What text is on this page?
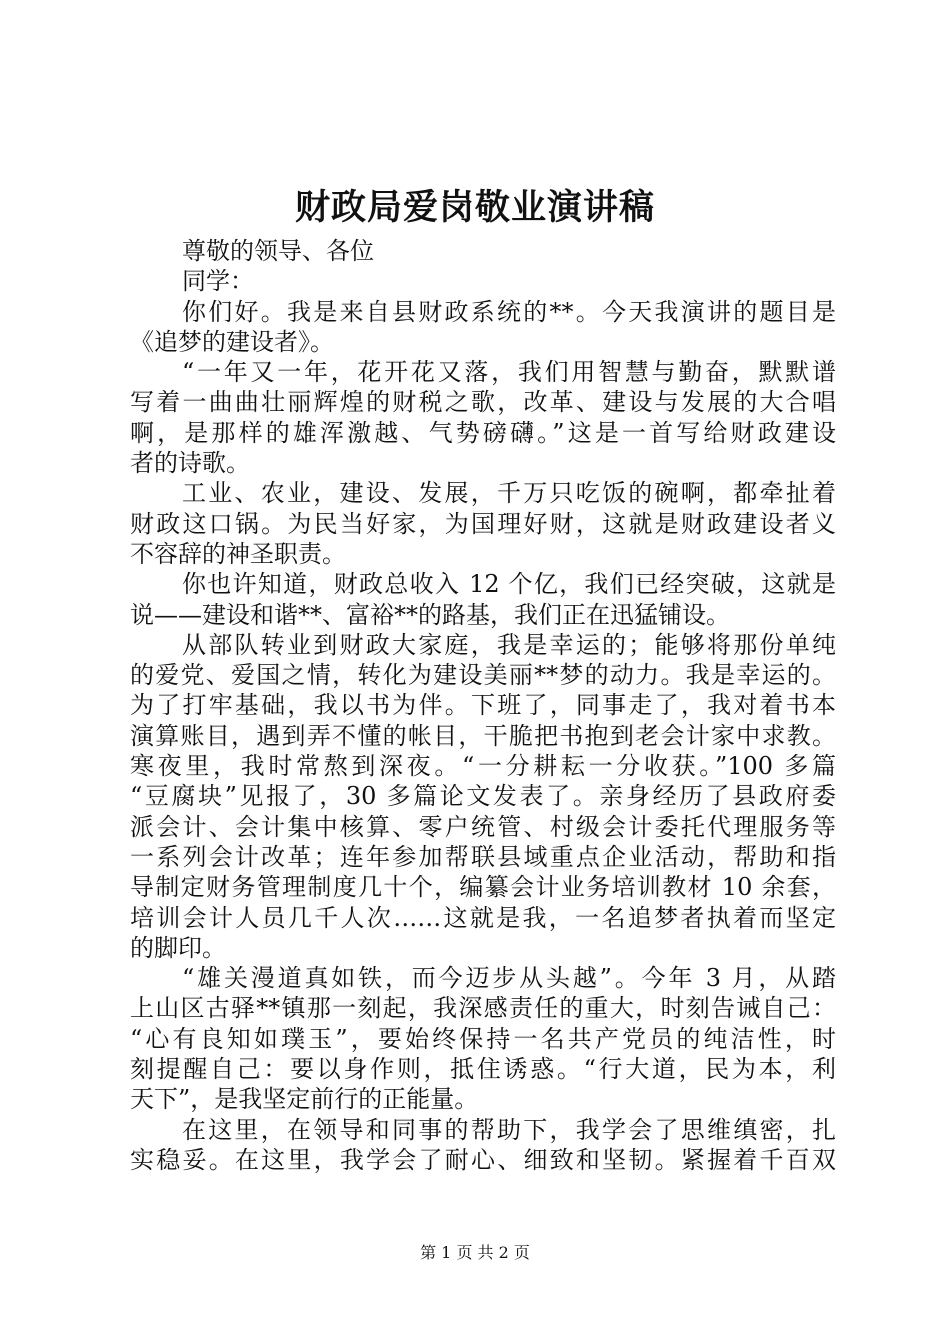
财政局爱岗敬业演讲稿
尊敬的领导、各位
同学：
你们好。我是来自县财政系统的**。今天我演讲的题目是
《追梦的建设者》。
“一年又一年，花开花又落，我们用智慧与勤奋，默默谱
写着一曲曲壮丽辉煌的财税之歌，改革、建设与发展的大合唱
啊，是那样的雄浑激越、气势磅礴。”这是一首写给财政建设
者的诗歌。
工业、农业，建设、发展，千万只吃饭的碗啊，都牵扯着
财政这口锅。为民当好家，为国理好财，这就是财政建设者义
不容辞的神圣职责。
你也许知道，财政总收入 12 个亿，我们已经突破，这就是
说——建设和谐**、富裕**的路基，我们正在迅猛铺设。
从部队转业到财政大家庭，我是幸运的；能够将那份单纯
的爱党、爱国之情，转化为建设美丽**梦的动力。我是幸运的。
为了打牢基础，我以书为伴。下班了，同事走了，我对着书本
演算账目，遇到弄不懂的帐目，干脆把书抱到老会计家中求教。
寒夜里，我时常熬到深夜。“一分耕耘一分收获。”100 多篇
“豆腐块”见报了，30 多篇论文发表了。亲身经历了县政府委
派会计、会计集中核算、零户统管、村级会计委托代理服务等
一系列会计改革；连年参加帮联县域重点企业活动，帮助和指
导制定财务管理制度几十个，编纂会计业务培训教材 10 余套，
培训会计人员几千人次……这就是我，一名追梦者执着而坚定
的脚印。
“雄关漫道真如铁，而今迈步从头越”。今年 3 月，从踏
上山区古驿**镇那一刻起，我深感责任的重大，时刻告诫自己：
“心有良知如璞玉”，要始终保持一名共产党员的纯洁性，时
刻提醒自己：要以身作则，抵住诱惑。“行大道，民为本，利
天下”，是我坚定前行的正能量。
在这里，在领导和同事的帮助下，我学会了思维缜密，扎
实稳妥。在这里，我学会了耐心、细致和坚韧。紧握着千百双
第 1 页 共 2 页
